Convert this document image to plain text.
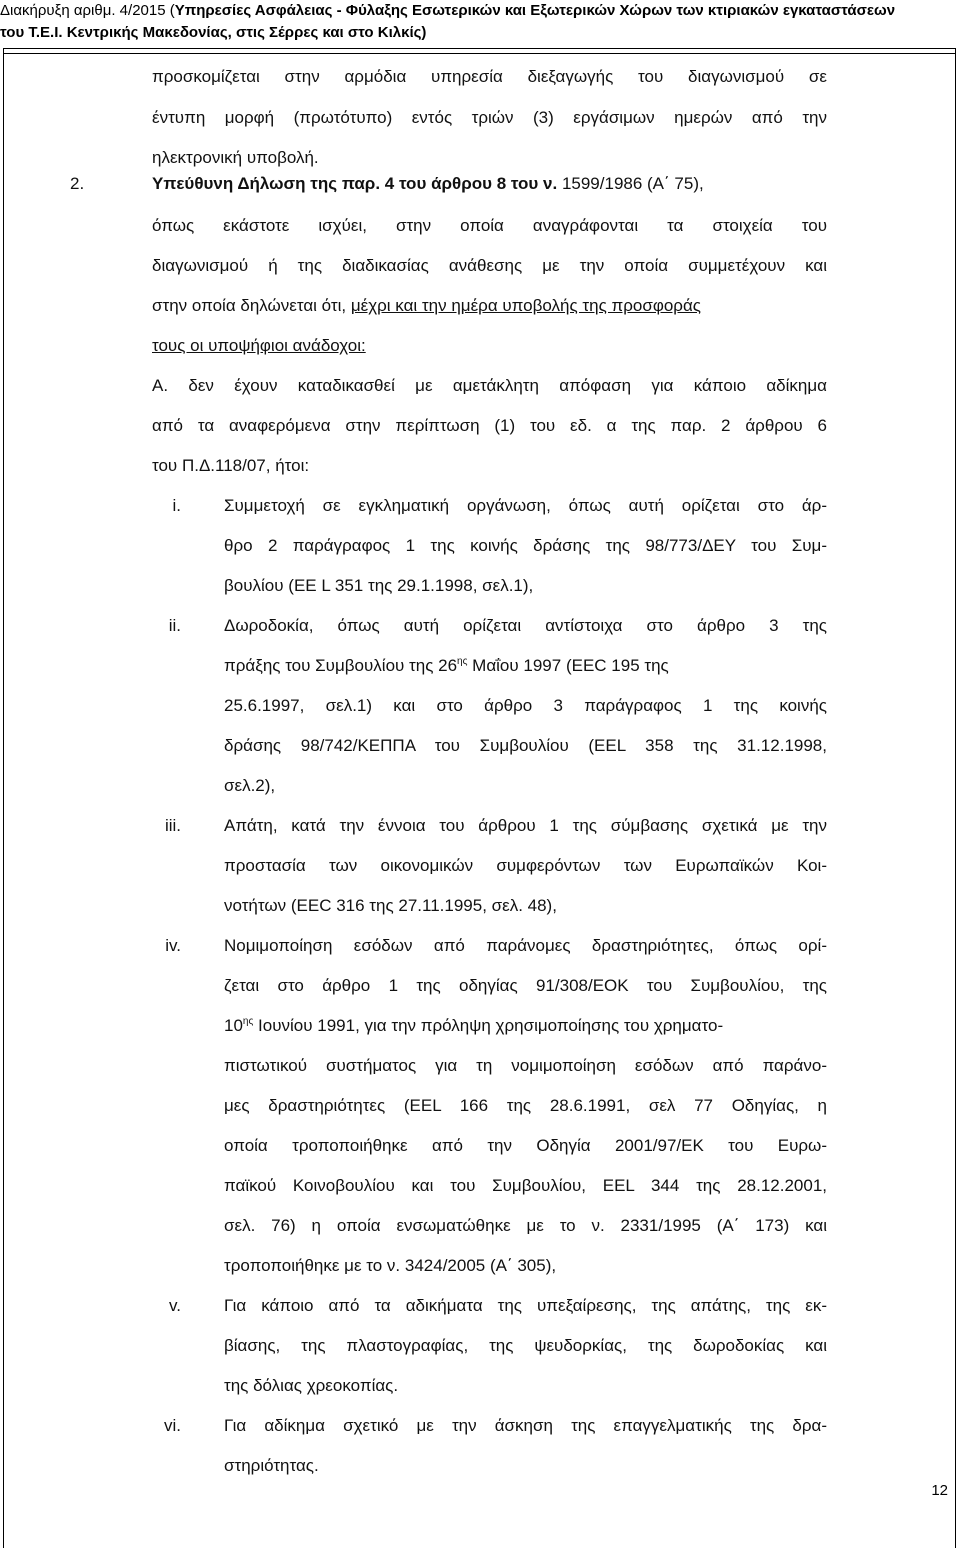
Διακήρυξη αριθμ. 4/2015 (Υπηρεσίες Ασφάλειας - Φύλαξης Εσωτερικών και Εξωτερικών Χώρων των κτιριακών εγκαταστάσεων
του Τ.Ε.Ι. Κεντρικής Μακεδονίας, στις Σέρρες και στο Κιλκίς)
προσκομίζεται στην αρμόδια υπηρεσία διεξαγωγής του διαγωνισμού σε
έντυπη μορφή (πρωτότυπο) εντός τριών (3) εργάσιμων ημερών από την
ηλεκτρονική υποβολή.
2.	Υπεύθυνη Δήλωση της παρ. 4 του άρθρου 8 του ν. 1599/1986 (Α΄ 75),
όπως εκάστοτε ισχύει, στην οποία αναγράφονται τα στοιχεία του
διαγωνισμού ή της διαδικασίας ανάθεσης με την οποία συμμετέχουν και
στην οποία δηλώνεται ότι, μέχρι και την ημέρα υποβολής της προσφοράς
τους οι υποψήφιοι ανάδοχοι:
Α. δεν έχουν καταδικασθεί με αμετάκλητη απόφαση για κάποιο αδίκημα
από τα αναφερόμενα στην περίπτωση (1) του εδ. α της παρ. 2 άρθρου 6
του Π.Δ.118/07, ήτοι:
i.	Συμμετοχή σε εγκληματική οργάνωση, όπως αυτή ορίζεται στο άρ-
θρο 2 παράγραφος 1 της κοινής δράσης της 98/773/ΔΕΥ του Συμ-
βουλίου (ΕΕ L 351 της 29.1.1998, σελ.1),
ii.	Δωροδοκία, όπως αυτή ορίζεται αντίστοιχα στο άρθρο 3 της
πράξης του Συμβουλίου της $26^{\eta\varsigma}$ Μαΐου 1997 (ΕΕC 195 της
25.6.1997, σελ.1) και στο άρθρο 3 παράγραφος 1 της κοινής
δράσης 98/742/ΚΕΠΠΑ του Συμβουλίου (ΕΕL 358 της 31.12.1998,
σελ.2),
iii.	Απάτη, κατά την έννοια του άρθρου 1 της σύμβασης σχετικά με την
προστασία των οικονομικών συμφερόντων των Ευρωπαϊκών Κοι-
νοτήτων (ΕΕC 316 της 27.11.1995, σελ. 48),
iv.	Νομιμοποίηση εσόδων από παράνομες δραστηριότητες, όπως ορί-
ζεται στο άρθρο 1 της οδηγίας 91/308/ΕΟΚ του Συμβουλίου, της
$10^{\eta\varsigma}$ Ιουνίου 1991, για την πρόληψη χρησιμοποίησης του χρηματο-
πιστωτικού συστήματος για τη νομιμοποίηση εσόδων από παράνο-
μες δραστηριότητες (ΕΕL 166 της 28.6.1991, σελ 77 Οδηγίας, η
οποία τροποποιήθηκε από την Οδηγία 2001/97/ΕΚ του Ευρω-
παϊκού Κοινοβουλίου και του Συμβουλίου, ΕΕL 344 της 28.12.2001,
σελ. 76) η οποία ενσωματώθηκε με το ν. 2331/1995 (Α΄ 173) και
τροποποιήθηκε με το ν. 3424/2005 (Α΄ 305),
v.	Για κάποιο από τα αδικήματα της υπεξαίρεσης, της απάτης, της εκ-
βίασης, της πλαστογραφίας, της ψευδορκίας, της δωροδοκίας και
της δόλιας χρεοκοπίας.
vi.	Για αδίκημα σχετικό με την άσκηση της επαγγελματικής της δρα-
στηριότητας.
12
